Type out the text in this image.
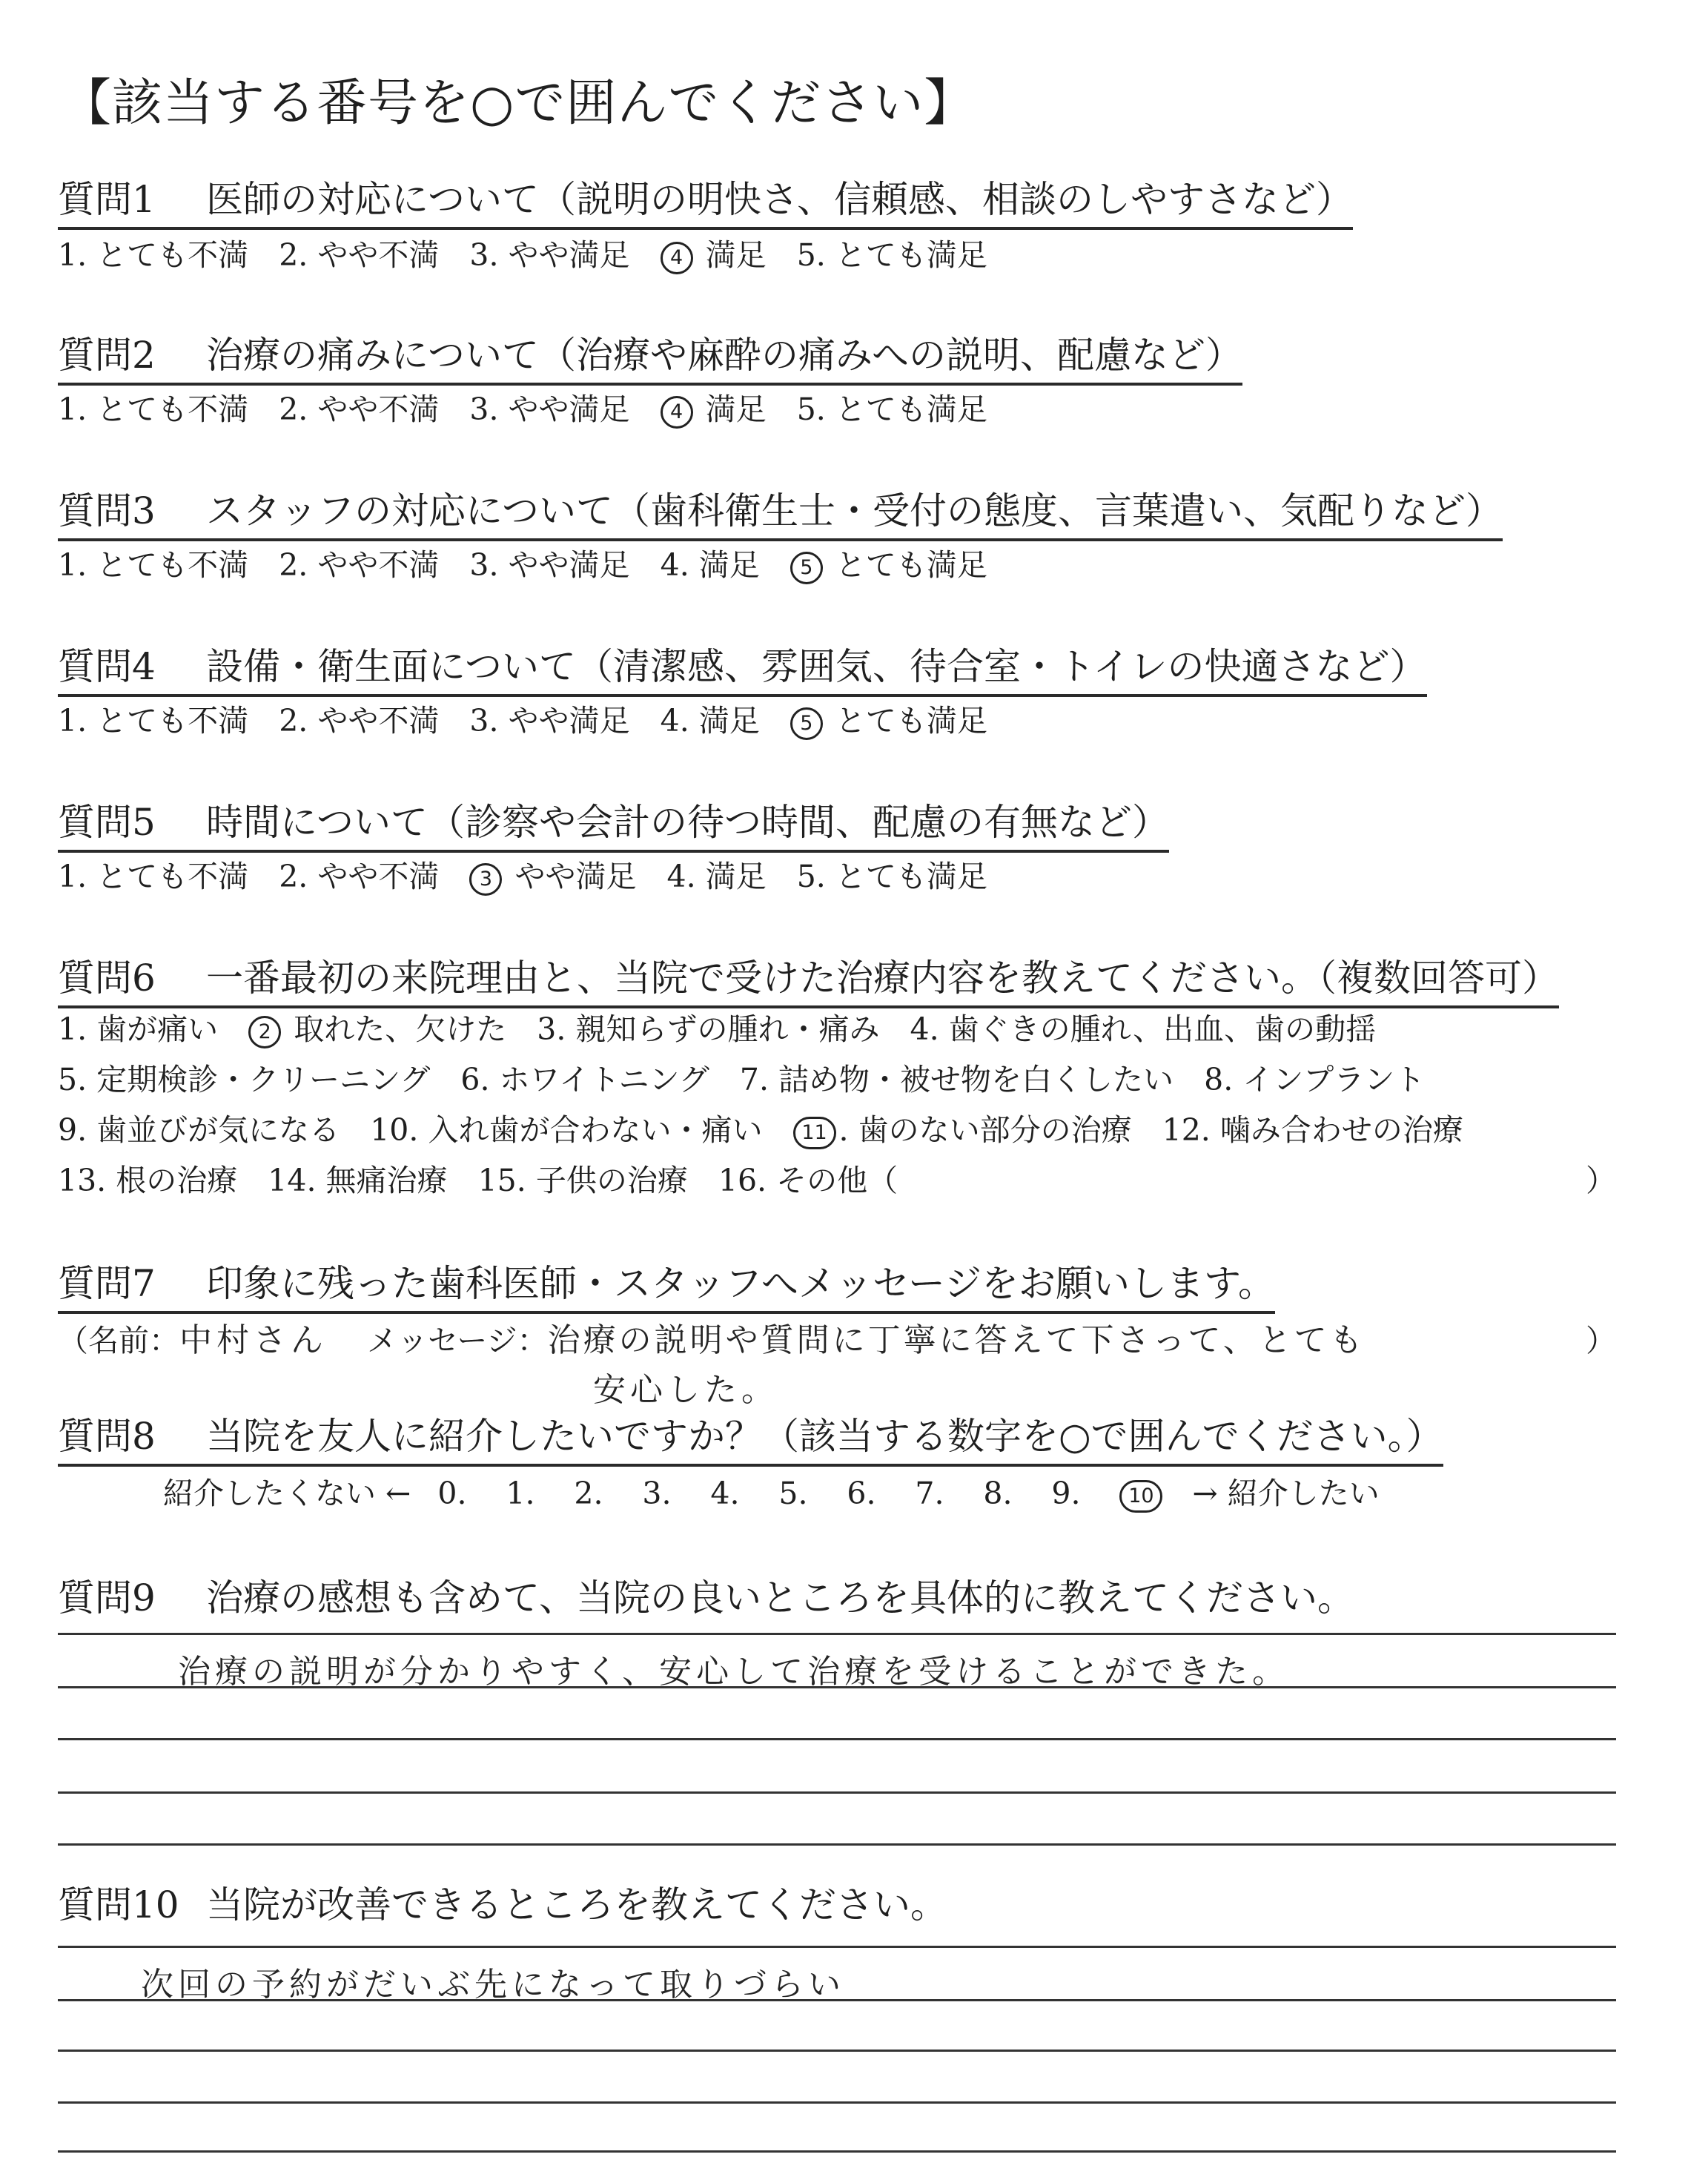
【該当する番号を○で囲んでください】
質問1 医師の対応について（説明の明快さ、信頼感、相談のしやすさなど）
1. とても不満 2. やや不満 3. やや満足 4 満足 5. とても満足
質問2 治療の痛みについて（治療や麻酔の痛みへの説明、配慮など）
1. とても不満 2. やや不満 3. やや満足 4 満足 5. とても満足
質問3 スタッフの対応について（歯科衛生士・受付の態度、言葉遣い、気配りなど）
1. とても不満 2. やや不満 3. やや満足 4. 満足 5 とても満足
質問4 設備・衛生面について（清潔感、雰囲気、待合室・トイレの快適さなど）
1. とても不満 2. やや不満 3. やや満足 4. 満足 5 とても満足
質問5 時間について（診察や会計の待つ時間、配慮の有無など）
1. とても不満 2. やや不満 3 やや満足 4. 満足 5. とても満足
質問6 一番最初の来院理由と、当院で受けた治療内容を教えてください。（複数回答可）
1. 歯が痛い 2 取れた、欠けた 3. 親知らずの腫れ・痛み 4. 歯ぐきの腫れ、出血、歯の動揺
5. 定期検診・クリーニング 6. ホワイトニング 7. 詰め物・被せ物を白くしたい 8. インプラント
9. 歯並びが気になる 10. 入れ歯が合わない・痛い 11 . 歯のない部分の治療 12. 噛み合わせの治療
13. 根の治療 14. 無痛治療 15. 子供の治療 16. その他（	）
質問7 印象に残った歯科医師・スタッフへメッセージをお願いします。
（名前：中村さん メッセージ：治療の説明や質問に丁寧に答えて下さって、とても	）
安心した。
質問8 当院を友人に紹介したいですか？（該当する数字を○で囲んでください。）
紹介したくない ← 0. 1. 2. 3. 4. 5. 6. 7. 8. 9. 10 → 紹介したい
質問9 治療の感想も含めて、当院の良いところを具体的に教えてください。
治療の説明が分かりやすく、安心して治療を受けることができた。
質問10 当院が改善できるところを教えてください。
次回の予約がだいぶ先になって取りづらい
